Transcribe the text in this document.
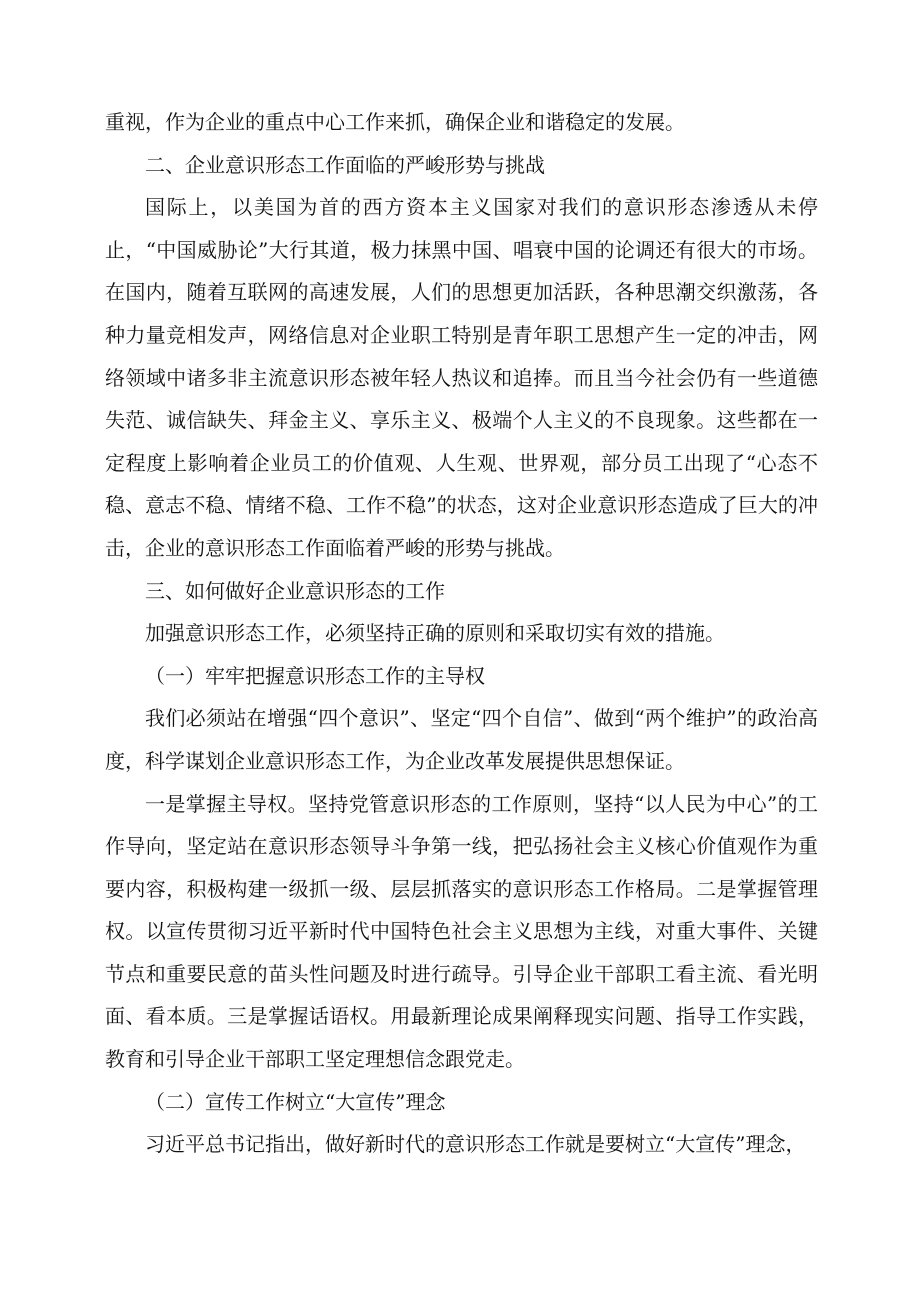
重视，作为企业的重点中心工作来抓，确保企业和谐稳定的发展。

二、企业意识形态工作面临的严峻形势与挑战

国际上，以美国为首的西方资本主义国家对我们的意识形态渗透从未停止，“中国威胁论”大行其道，极力抹黑中国、唱衰中国的论调还有很大的市场。在国内，随着互联网的高速发展，人们的思想更加活跃，各种思潮交织激荡，各种力量竞相发声，网络信息对企业职工特别是青年职工思想产生一定的冲击，网络领域中诸多非主流意识形态被年轻人热议和追捧。而且当今社会仍有一些道德失范、诚信缺失、拜金主义、享乐主义、极端个人主义的不良现象。这些都在一定程度上影响着企业员工的价值观、人生观、世界观，部分员工出现了“心态不稳、意志不稳、情绪不稳、工作不稳”的状态，这对企业意识形态造成了巨大的冲击，企业的意识形态工作面临着严峻的形势与挑战。

三、如何做好企业意识形态的工作

加强意识形态工作，必须坚持正确的原则和采取切实有效的措施。

（一）牢牢把握意识形态工作的主导权

我们必须站在增强“四个意识”、坚定“四个自信”、做到“两个维护”的政治高度，科学谋划企业意识形态工作，为企业改革发展提供思想保证。

一是掌握主导权。坚持党管意识形态的工作原则，坚持“以人民为中心”的工作导向，坚定站在意识形态领导斗争第一线，把弘扬社会主义核心价值观作为重要内容，积极构建一级抓一级、层层抓落实的意识形态工作格局。二是掌握管理权。以宣传贯彻习近平新时代中国特色社会主义思想为主线，对重大事件、关键节点和重要民意的苗头性问题及时进行疏导。引导企业干部职工看主流、看光明面、看本质。三是掌握话语权。用最新理论成果阐释现实问题、指导工作实践，教育和引导企业干部职工坚定理想信念跟党走。

（二）宣传工作树立“大宣传”理念

习近平总书记指出，做好新时代的意识形态工作就是要树立“大宣传”理念，
